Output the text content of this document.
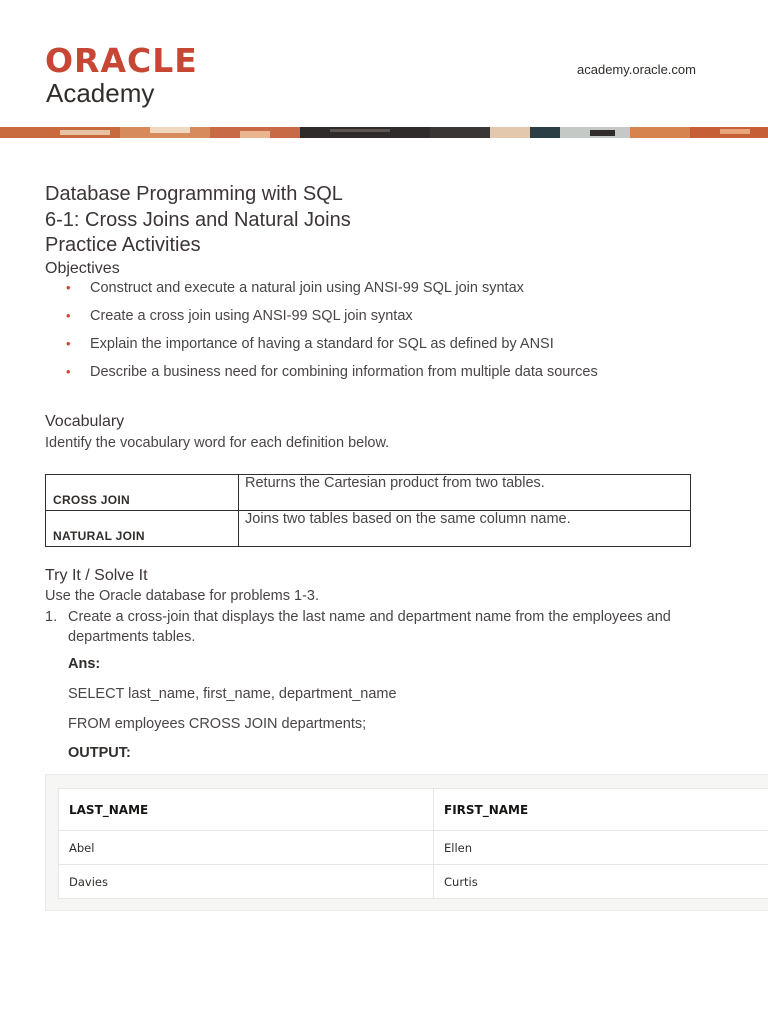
ORACLE
Academy
academy.oracle.com
Database Programming with SQL
6-1: Cross Joins and Natural Joins
Practice Activities
Objectives
• Construct and execute a natural join using ANSI-99 SQL join syntax
• Create a cross join using ANSI-99 SQL join syntax
• Explain the importance of having a standard for SQL as defined by ANSI
• Describe a business need for combining information from multiple data sources
Vocabulary
Identify the vocabulary word for each definition below.
CROSS JOIN	Returns the Cartesian product from two tables.
NATURAL JOIN	Joins two tables based on the same column name.
Try It / Solve It
Use the Oracle database for problems 1-3.
1. Create a cross-join that displays the last name and department name from the employees and departments tables.
Ans:
SELECT last_name, first_name, department_name
FROM employees CROSS JOIN departments;
OUTPUT:
LAST_NAME	FIRST_NAME
Abel	Ellen
Davies	Curtis
